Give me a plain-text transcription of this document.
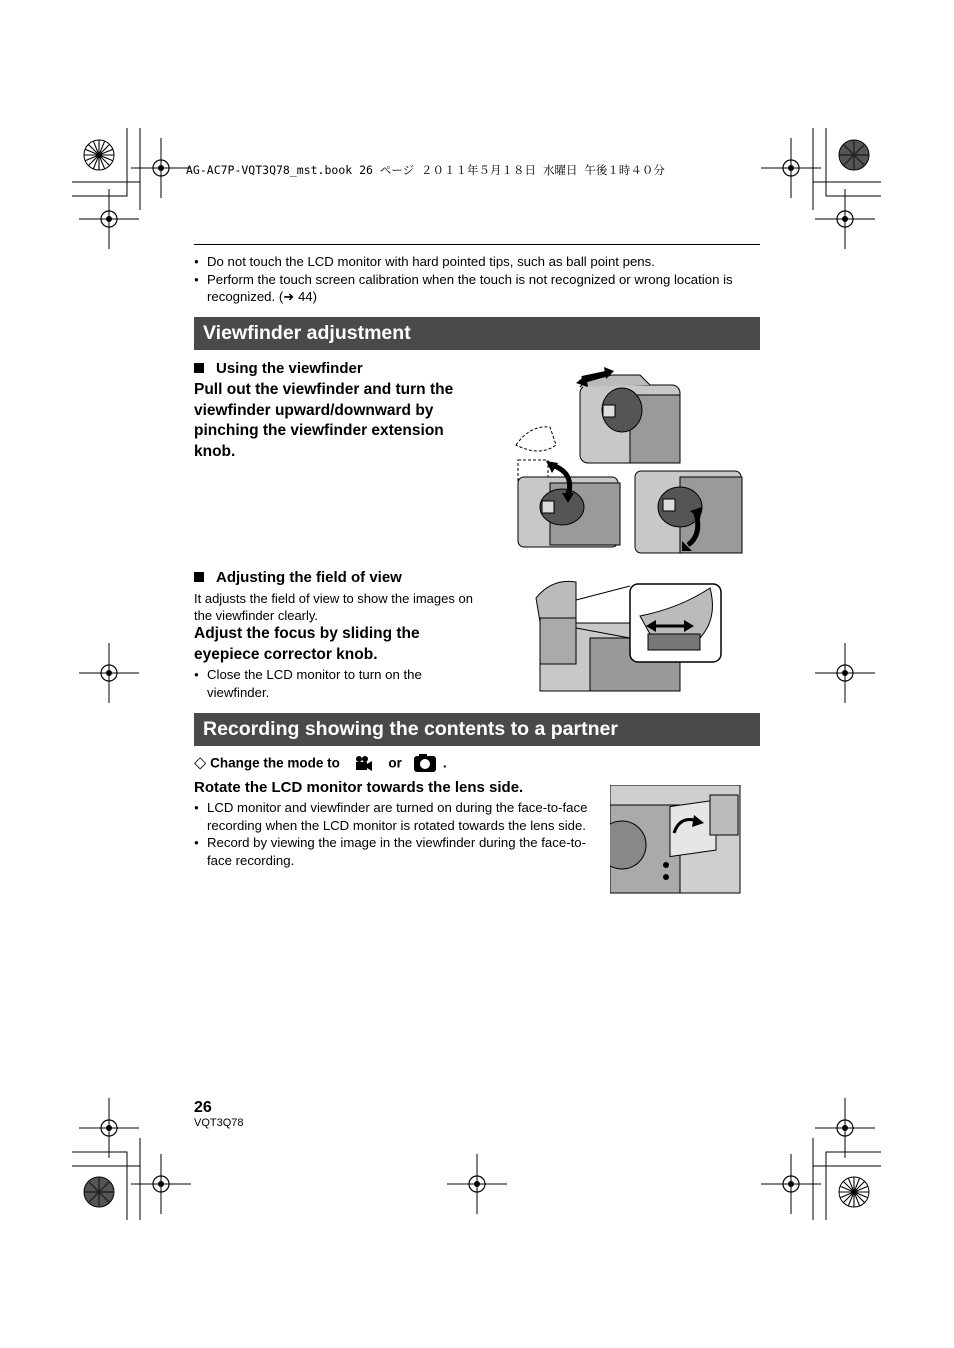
AG-AC7P-VQT3Q78_mst.book 26 ページ ２０１１年５月１８日 水曜日 午後１時４０分
● Do not touch the LCD monitor with hard pointed tips, such as ball point pens.
● Perform the touch screen calibration when the touch is not recognized or wrong location is recognized. (➜ 44)
Viewfinder adjustment
Using the viewfinder
Pull out the viewfinder and turn the viewfinder upward/downward by pinching the viewfinder extension knob.
Adjusting the field of view
It adjusts the field of view to show the images on the viewfinder clearly.
Adjust the focus by sliding the eyepiece corrector knob.
● Close the LCD monitor to turn on the viewfinder.
Recording showing the contents to a partner
◇ Change the mode to	or	.
Rotate the LCD monitor towards the lens side.
● LCD monitor and viewfinder are turned on during the face-to-face recording when the LCD monitor is rotated towards the lens side.
● Record by viewing the image in the viewfinder during the face-to-face recording.
26
VQT3Q78
